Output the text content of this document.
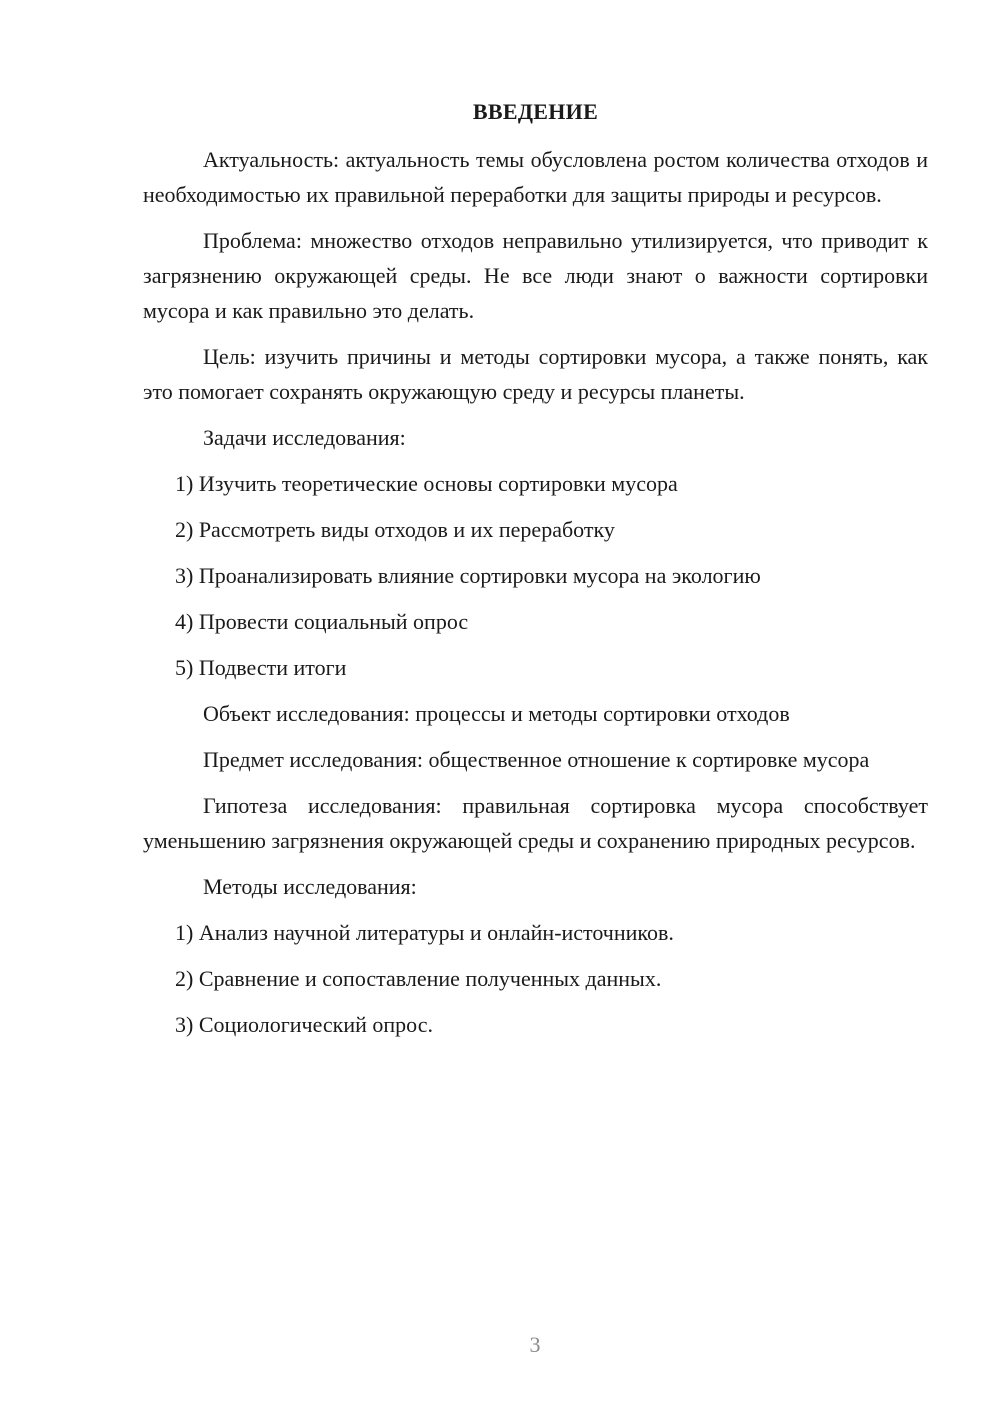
ВВЕДЕНИЕ

Актуальность: актуальность темы обусловлена ростом количества отходов и необходимостью их правильной переработки для защиты природы и ресурсов.

Проблема: множество отходов неправильно утилизируется, что приводит к загрязнению окружающей среды. Не все люди знают о важности сортировки мусора и как правильно это делать.

Цель: изучить причины и методы сортировки мусора, а также понять, как это помогает сохранять окружающую среду и ресурсы планеты.

Задачи исследования:

1) Изучить теоретические основы сортировки мусора
2) Рассмотреть виды отходов и их переработку
3) Проанализировать влияние сортировки мусора на экологию
4) Провести социальный опрос
5) Подвести итоги

Объект исследования: процессы и методы сортировки отходов

Предмет исследования: общественное отношение к сортировке мусора

Гипотеза исследования: правильная сортировка мусора способствует уменьшению загрязнения окружающей среды и сохранению природных ресурсов.

Методы исследования:

1) Анализ научной литературы и онлайн-источников.
2) Сравнение и сопоставление полученных данных.
3) Социологический опрос.
3
